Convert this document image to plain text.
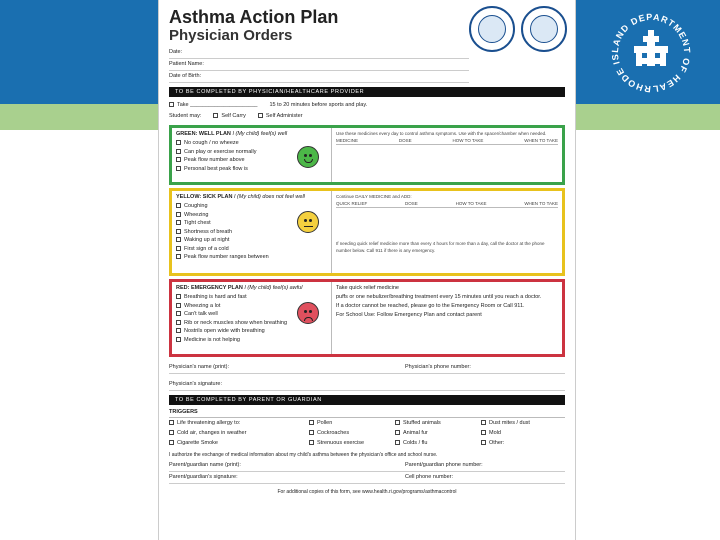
RHODE ISLAND DEPARTMENT OF HEAL
Asthma Action Plan
Physician Orders
Date:
Patient Name:
Date of Birth:
TO BE COMPLETED BY PHYSICIAN/HEALTHCARE PROVIDER
Take ______________________ 15 to 20 minutes before sports and play.
Student may:	Self Carry	Self Administer
GREEN: WELL PLAN I (My child) feel(s) well
No cough / no wheeze
Can play or exercise normally
Peak flow number above
Personal best peak flow is
Use these medicines every day to control asthma symptoms. Use with the spacer/chamber when needed.
MEDICINE	DOSE	HOW TO TAKE	WHEN TO TAKE
YELLOW: SICK PLAN I (My child) does not feel well
Coughing
Wheezing
Tight chest
Shortness of breath
Waking up at night
First sign of a cold
Peak flow number ranges between
Continue DAILY MEDICINE and ADD:
QUICK RELIEF	DOSE	HOW TO TAKE	WHEN TO TAKE
If needing quick relief medicine more than every 4 hours for more than a day, call the doctor at the phone number below. Call 911 if there is any emergency.
RED: EMERGENCY PLAN I (My child) feel(s) awful
Breathing is hard and fast
Wheezing a lot
Can't talk well
Rib or neck muscles show when breathing
Nostrils open wide with breathing
Medicine is not helping
Take quick relief medicine
puffs or one nebulizer/breathing treatment every 15 minutes until you reach a doctor.
If a doctor cannot be reached, please go to the Emergency Room or Call 911.
For School Use: Follow Emergency Plan and contact parent
Physician's name (print):	Physician's phone number:
Physician's signature:
TO BE COMPLETED BY PARENT OR GUARDIAN
TRIGGERS
Life threatening allergy to:	Pollen	Stuffed animals	Dust mites / dust
Cold air, changes in weather	Cockroaches	Animal fur	Mold
Cigarette Smoke	Strenuous exercise	Colds / flu	Other:
I authorize the exchange of medical information about my child's asthma between the physician's office and school nurse.
Parent/guardian name (print):	Parent/guardian phone number:
Parent/guardian's signature:	Cell phone number:
For additional copies of this form, see www.health.ri.gov/programs/asthmacontrol
